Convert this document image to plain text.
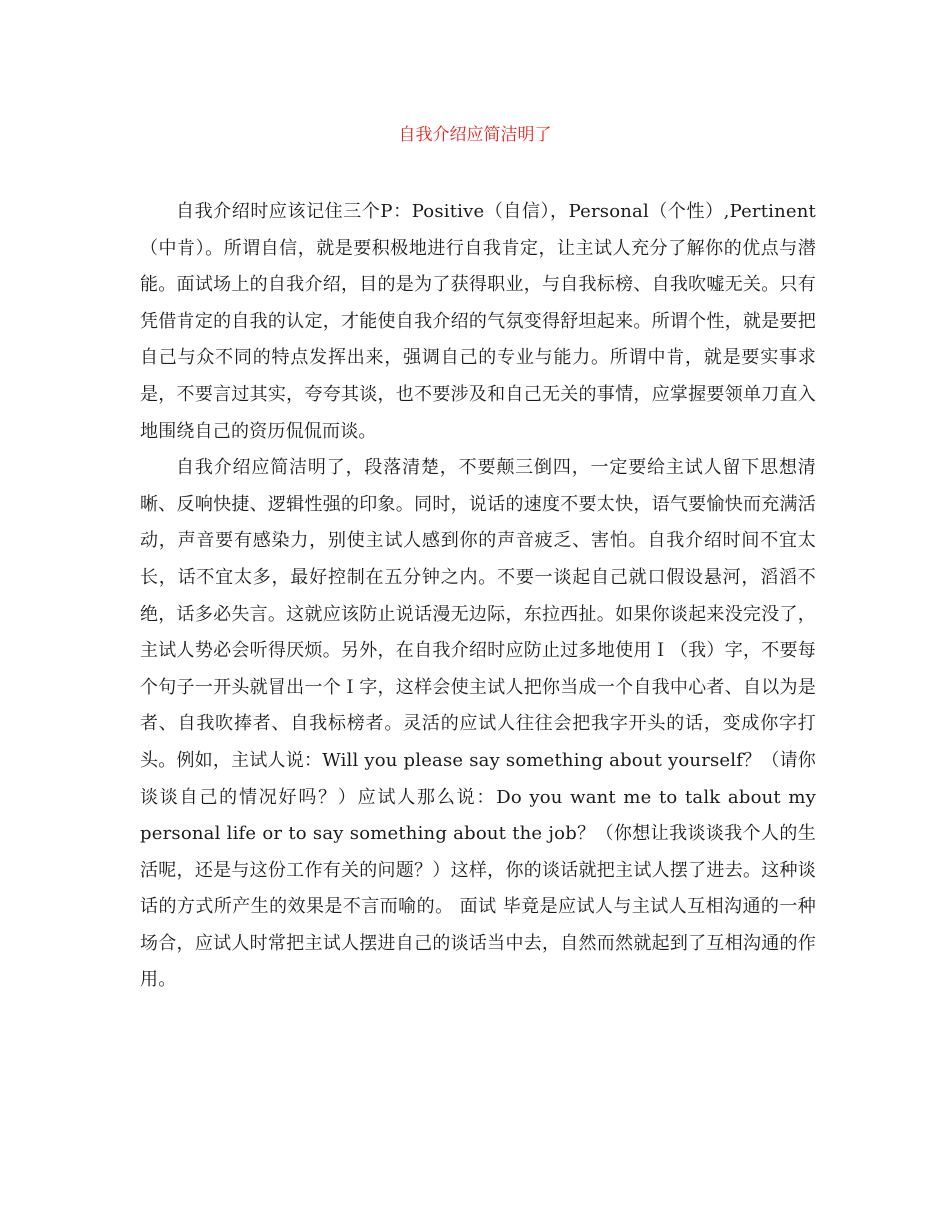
自我介绍应简洁明了

自我介绍时应该记住三个P：Positive（自信），Personal（个性）,Pertinent（中肯）。所谓自信，就是要积极地进行自我肯定，让主试人充分了解你的优点与潜能。面试场上的自我介绍，目的是为了获得职业，与自我标榜、自我吹嘘无关。只有凭借肯定的自我的认定，才能使自我介绍的气氛变得舒坦起来。所谓个性，就是要把自己与众不同的特点发挥出来，强调自己的专业与能力。所谓中肯，就是要实事求是，不要言过其实，夸夸其谈，也不要涉及和自己无关的事情，应掌握要领单刀直入地围绕自己的资历侃侃而谈。

自我介绍应简洁明了，段落清楚，不要颠三倒四，一定要给主试人留下思想清晰、反响快捷、逻辑性强的印象。同时，说话的速度不要太快，语气要愉快而充满活动，声音要有感染力，别使主试人感到你的声音疲乏、害怕。自我介绍时间不宜太长，话不宜太多，最好控制在五分钟之内。不要一谈起自己就口假设悬河，滔滔不绝，话多必失言。这就应该防止说话漫无边际，东拉西扯。如果你谈起来没完没了，主试人势必会听得厌烦。另外，在自我介绍时应防止过多地使用Ｉ（我）字，不要每个句子一开头就冒出一个Ｉ字，这样会使主试人把你当成一个自我中心者、自以为是者、自我吹捧者、自我标榜者。灵活的应试人往往会把我字开头的话，变成你字打头。例如，主试人说：Will you please say something about yourself？（请你谈谈自己的情况好吗？）应试人那么说：Do you want me to talk about my personal life or to say something about the job？（你想让我谈谈我个人的生活呢，还是与这份工作有关的问题？）这样，你的谈话就把主试人摆了进去。这种谈话的方式所产生的效果是不言而喻的。 面试 毕竟是应试人与主试人互相沟通的一种场合，应试人时常把主试人摆进自己的谈话当中去，自然而然就起到了互相沟通的作用。
